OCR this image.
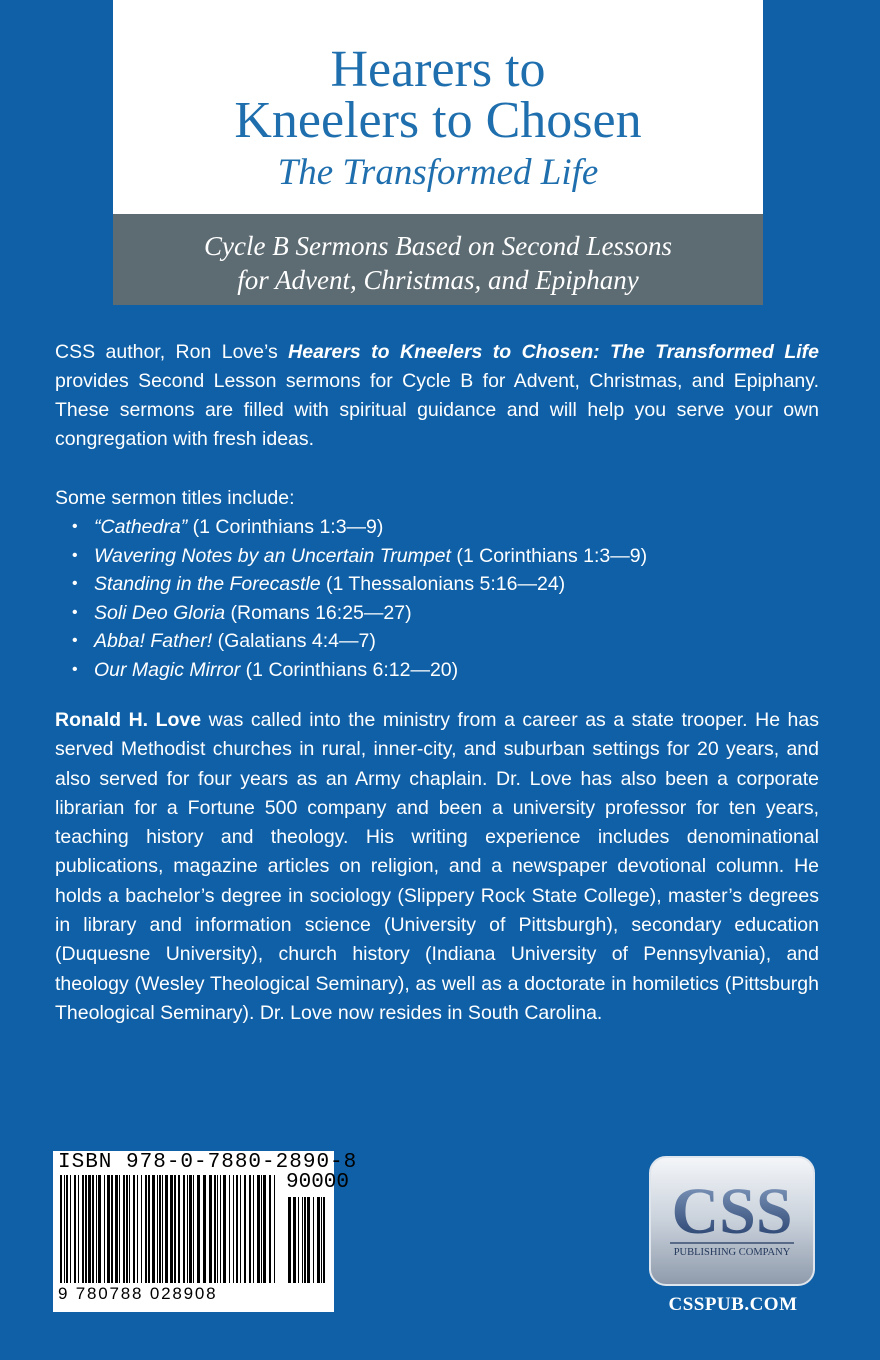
Hearers to
Kneelers to Chosen
The Transformed Life
Cycle B Sermons Based on Second Lessons
for Advent, Christmas, and Epiphany
CSS author, Ron Love’s Hearers to Kneelers to Chosen: The Transformed Life provides Second Lesson sermons for Cycle B for Advent, Christmas, and Epiphany. These sermons are filled with spiritual guidance and will help you serve your own congregation with fresh ideas.
Some sermon titles include:
• “Cathedra” (1 Corinthians 1:3—9)
• Wavering Notes by an Uncertain Trumpet (1 Corinthians 1:3—9)
• Standing in the Forecastle (1 Thessalonians 5:16—24)
• Soli Deo Gloria (Romans 16:25—27)
• Abba! Father! (Galatians 4:4—7)
• Our Magic Mirror (1 Corinthians 6:12—20)
Ronald H. Love was called into the ministry from a career as a state trooper. He has served Methodist churches in rural, inner-city, and suburban settings for 20 years, and also served for four years as an Army chaplain. Dr. Love has also been a corporate librarian for a Fortune 500 company and been a university professor for ten years, teaching history and theology. His writing experience includes denominational publications, magazine articles on religion, and a newspaper devotional column. He holds a bachelor’s degree in sociology (Slippery Rock State College), master’s degrees in library and information science (University of Pittsburgh), secondary education (Duquesne University), church history (Indiana University of Pennsylvania), and theology (Wesley Theological Seminary), as well as a doctorate in homiletics (Pittsburgh Theological Seminary). Dr. Love now resides in South Carolina.
ISBN 978-0-7880-2890-8
90000
9 780788 028908
CSS
PUBLISHING COMPANY
CSSPUB.COM
